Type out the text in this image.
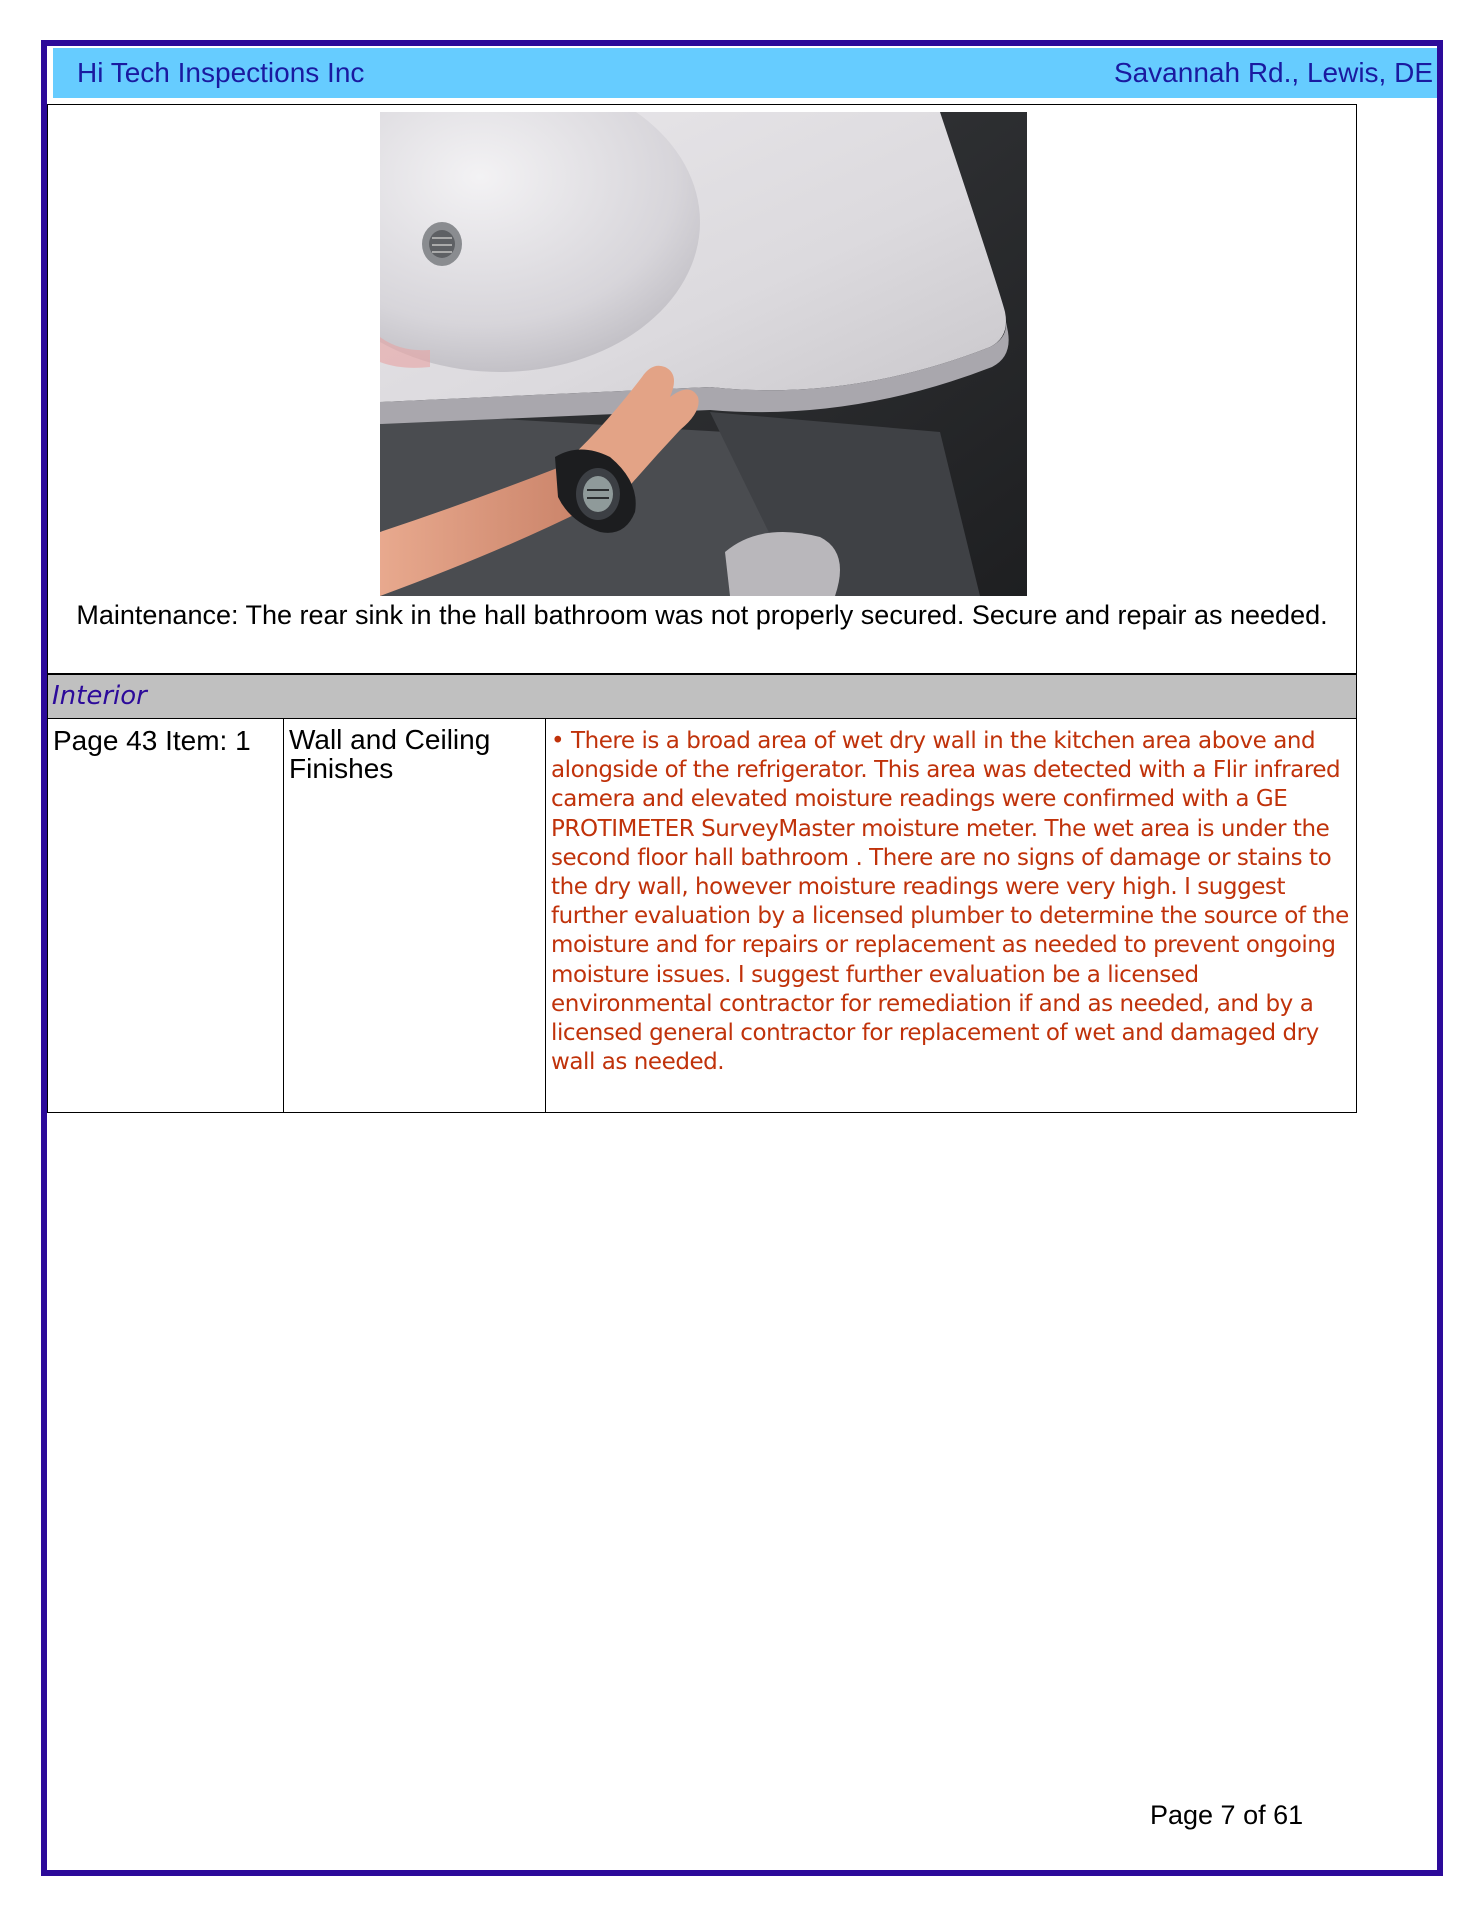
Hi Tech Inspections Inc	Savannah Rd., Lewis, DE
Maintenance: The rear sink in the hall bathroom was not properly secured. Secure and repair as needed.
Interior
Page 43 Item: 1	Wall and Ceiling Finishes
• There is a broad area of wet dry wall in the kitchen area above and alongside of the refrigerator. This area was detected with a Flir infrared camera and elevated moisture readings were confirmed with a GE PROTIMETER SurveyMaster moisture meter. The wet area is under the second floor hall bathroom . There are no signs of damage or stains to the dry wall, however moisture readings were very high. I suggest further evaluation by a licensed plumber to determine the source of the moisture and for repairs or replacement as needed to prevent ongoing moisture issues. I suggest further evaluation be a licensed environmental contractor for remediation if and as needed, and by a licensed general contractor for replacement of wet and damaged dry wall as needed.
Page 7 of 61
